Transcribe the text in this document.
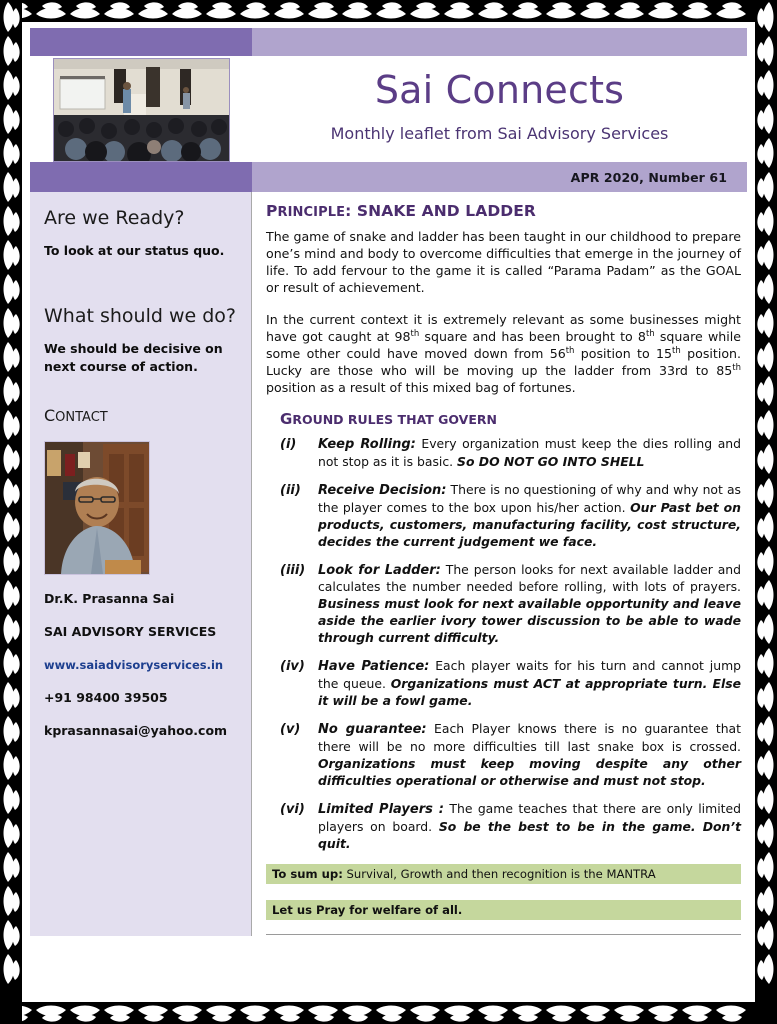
Sai Connects
Monthly leaflet from Sai Advisory Services
APR 2020, Number 61
Are we Ready?
To look at our status quo.
What should we do?
We should be decisive on next course of action.
CONTACT
Dr.K. Prasanna Sai
SAI ADVISORY SERVICES
www.saiadvisoryservices.in
+91 98400 39505
kprasannasai@yahoo.com
PRINCIPLE: SNAKE AND LADDER

The game of snake and ladder has been taught in our childhood to prepare one’s mind and body to overcome difficulties that emerge in the journey of life. To add fervour to the game it is called “Parama Padam” as the GOAL or result of achievement.

In the current context it is extremely relevant as some businesses might have got caught at 98th square and has been brought to 8th square while some other could have moved down from 56th position to 15th position. Lucky are those who will be moving up the ladder from 33rd to 85th position as a result of this mixed bag of fortunes.

GROUND RULES THAT GOVERN
(i)	Keep Rolling: Every organization must keep the dies rolling and not stop as it is basic. So DO NOT GO INTO SHELL
(ii)	Receive Decision: There is no questioning of why and why not as the player comes to the box upon his/her action. Our Past bet on products, customers, manufacturing facility, cost structure, decides the current judgement we face.
(iii) Look for Ladder: The person looks for next available ladder and calculates the number needed before rolling, with lots of prayers. Business must look for next available opportunity and leave aside the earlier ivory tower discussion to be able to wade through current difficulty.
(iv)	Have Patience: Each player waits for his turn and cannot jump the queue. Organizations must ACT at appropriate turn. Else it will be a fowl game.
(v)	No guarantee: Each Player knows there is no guarantee that there will be no more difficulties till last snake box is crossed. Organizations must keep moving despite any other difficulties operational or otherwise and must not stop.
(vi)	Limited Players : The game teaches that there are only limited players on board. So be the best to be in the game. Don’t quit.
To sum up: Survival, Growth and then recognition is the MANTRA
Let us Pray for welfare of all.
